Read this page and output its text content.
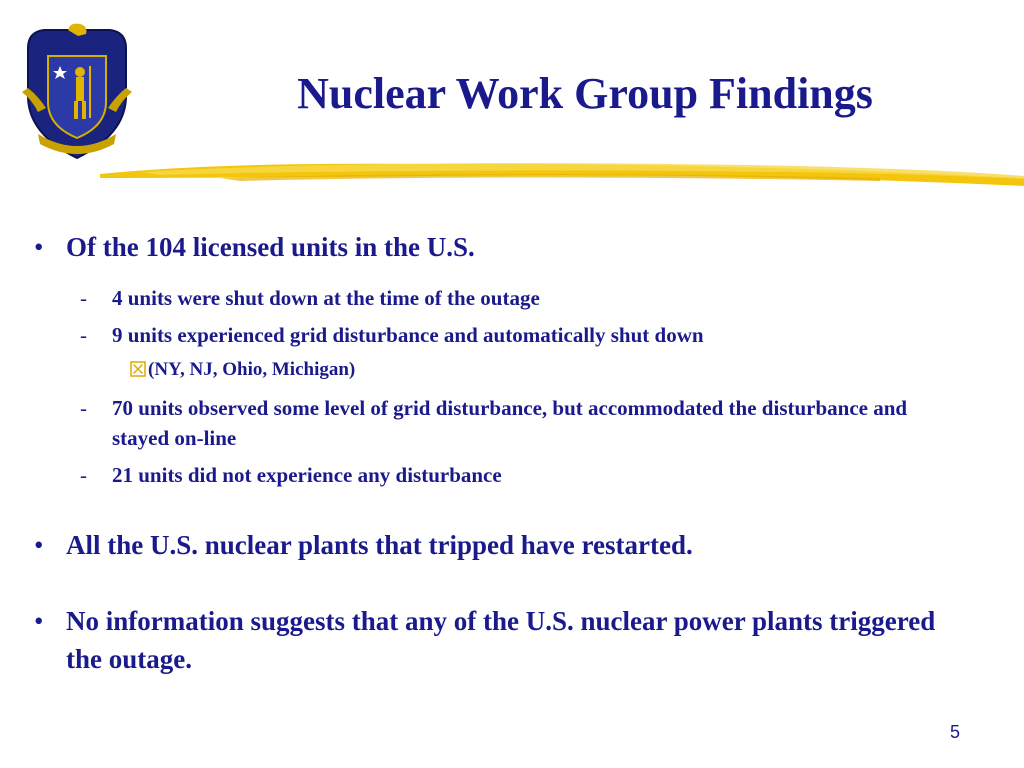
Nuclear Work Group Findings
• Of the 104 licensed units in the U.S.
- 4 units were shut down at the time of the outage
- 9 units experienced grid disturbance and automatically shut down
(NY, NJ, Ohio, Michigan)
- 70 units observed some level of grid disturbance, but accommodated the disturbance and stayed on-line
- 21 units did not experience any disturbance
• All the U.S. nuclear plants that tripped have restarted.
• No information suggests that any of the U.S. nuclear power plants triggered the outage.
5
